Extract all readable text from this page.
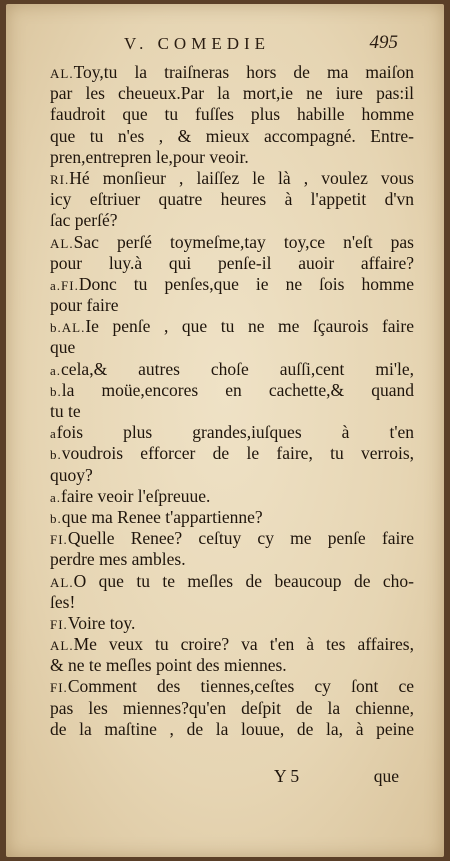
V. COMEDIE	495
AL.Toy,tu la traiſneras hors de ma maiſon
par les cheueux.Par la mort,ie ne iure pas:il
faudroit que tu fuſſes plus habille homme
que tu n'es , & mieux accompagné. Entre-
pren,entrepren le,pour veoir.
RI.Hé monſieur , laiſſez le là , voulez vous
icy eſtriuer quatre heures à l'appetit d'vn
ſac perſé?
AL.Sac perſé toymeſme,tay toy,ce n'eſt pas
pour luy.à qui penſe-il auoir affaire?
a.FI.Donc tu penſes,que ie ne ſois homme
pour faire
b.AL.Ie penſe , que tu ne me ſçaurois faire
que
a.cela,& autres choſe auſſi,cent mi'le,
b.la moüe,encores en cachette,& quand
tu te
afois plus grandes,iuſques à t'en
b.voudrois efforcer de le faire, tu verrois,
quoy?
a.faire veoir l'eſpreuue.
b.que ma Renee t'appartienne?
FI.Quelle Renee? ceſtuy cy me penſe faire
perdre mes ambles.
AL.O que tu te meſles de beaucoup de cho-
ſes!
FI.Voire toy.
AL.Me veux tu croire? va t'en à tes affaires,
& ne te meſles point des miennes.
FI.Comment des tiennes,ceſtes cy ſont ce
pas les miennes?qu'en deſpit de la chienne,
de la maſtine , de la louue, de la, à peine
Y 5	que
